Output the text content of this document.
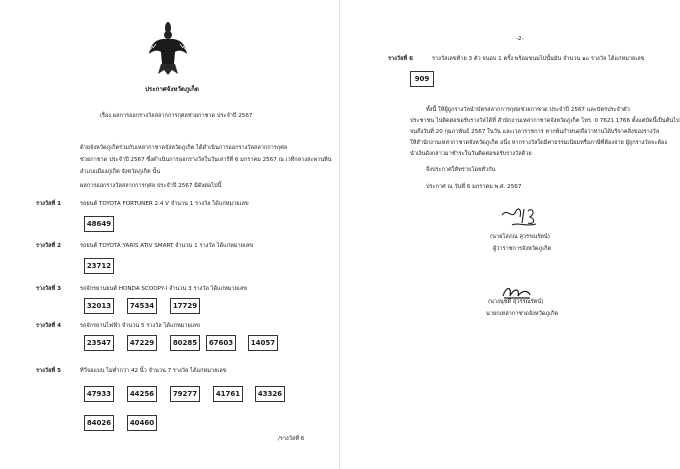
ประกาศจังหวัดภูเก็ต
เรื่อง ผลการออกรางวัลสลากการกุศลช่วยกาชาด ประจำปี 2567
ด้วยจังหวัดภูเก็ตร่วมกับเหล่ากาชาดจังหวัดภูเก็ต ได้ดำเนินการออกรางวัลสลากการกุศล
ช่วยกาชาด ประจำปี 2567 ซึ่งดำเนินการออกรางวัลในวันเสาร์ที่ 6 มกราคม 2567 ณ เวทีกลางสะพานหิน
อำเภอเมืองภูเก็ต จังหวัดภูเก็ต นั้น
ผลการออกรางวัลสลากการกุศล ประจำปี 2567 มีดังต่อไปนี้
รางวัลที่ 1	รถยนต์ TOYOTA FORTUNER 2.4 V จำนวน 1 รางวัล ได้แก่หมายเลข
48649
รางวัลที่ 2	รถยนต์ TOYOTA YARIS ATIV SMART จำนวน 1 รางวัล ได้แก่หมายเลข
23712
รางวัลที่ 3	รถจักรยานยนต์ HONDA SCOOPY-I จำนวน 3 รางวัล ได้แก่หมายเลข
32013	74534	17729
รางวัลที่ 4	รถจักรยานไฟฟ้า จำนวน 5 รางวัล ได้แก่หมายเลข
23547	47229	80285	67603	14057
รางวัลที่ 5	ทีวีจอแบน ไม่ต่ำกว่า 42 นิ้ว จำนวน 7 รางวัล ได้แก่หมายเลข
47933	44256	79277	41761	43326
84026	40460
/รางวัลที่ 6
-2-
รางวัลที่ 6	รางวัลเลขท้าย 3 ตัว จนอบ 1 ครั้ง พร้อมขนมไปนั้นมัน จำนวน ๑๐ รางวัล ได้แก่หมายเลข
909
ทั้งนี้ ให้ผู้ถูกรางวัลนำบัตรสลากการกุศลช่วยกาชาด ประจำปี 2567 และบัตรประจำตัว
ประชาชน ไปติดต่อขอรับรางวัลได้ที่ สำนักงานเหล่ากาชาดจังหวัดภูเก็ต โทร. 0 7621 1766 ตั้งแต่บัดนี้เป็นต้นไป
จนถึงวันที่ 20 กุมภาพันธ์ 2567 ในวัน และเวลาราชการ หากพ้นกำหนดถือว่าท่านได้บริจาคสิ่งของรางวัล
ให้สำนักงานเหล่ากาชาดจังหวัดภูเก็ต อนึ่ง หากรางวัลใดมีค่าธรรมเนียมหรือภาษีที่ต้องจ่าย ผู้ถูกรางวัลจะต้อง
นำเงินดังกล่าวมาชำระในวันติดต่อขอรับรางวัลด้วย
จึงประกาศให้ทราบโดยทั่วกัน
ประกาศ ณ วันที่ 6 มกราคม พ.ศ. 2567
(นายโสภณ สุวรรณรัตน์)
ผู้ว่าราชการจังหวัดภูเก็ต
(นางนุชดี สุวรรณรัตน์)
นายกเหล่ากาชาดจังหวัดภูเก็ต
